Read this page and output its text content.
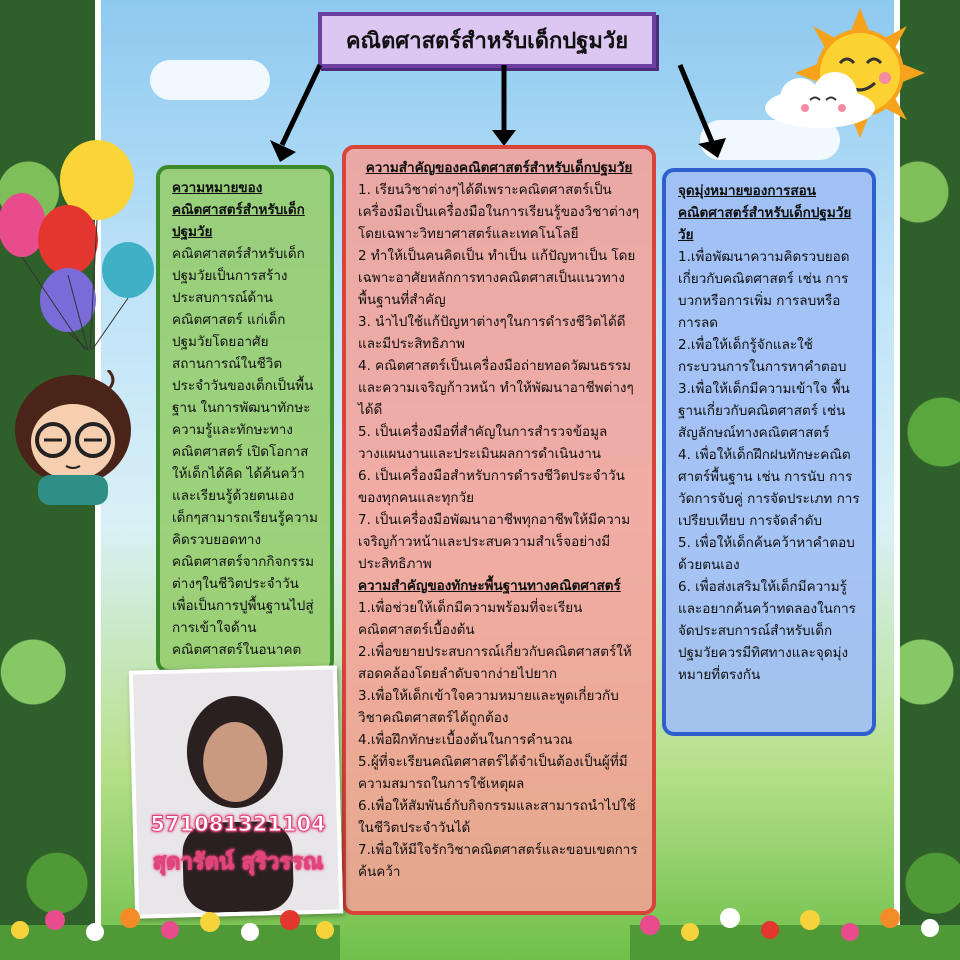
คณิตศาสตร์สำหรับเด็กปฐมวัย
ความหมายของคณิตศาสตร์สำหรับเด็กปฐมวัย
คณิตศาสตร์สำหรับเด็กปฐมวัยเป็นการสร้างประสบการณ์ด้านคณิตศาสตร์ แก่เด็กปฐมวัยโดยอาศัยสถานการณ์ในชีวิตประจำวันของเด็กเป็นพื้นฐาน ในการพัฒนาทักษะความรู้และทักษะทางคณิตศาสตร์ เปิดโอกาสให้เด็กได้คิด ได้ค้นคว้าและเรียนรู้ด้วยตนเอง เด็กๆสามารถเรียนรู้ความคิดรวบยอดทางคณิตศาสตร์จากกิจกรรมต่างๆในชีวิตประจำวันเพื่อเป็นการปูพื้นฐานไปสู่การเข้าใจด้าน คณิตศาสตร์ในอนาคต
ความสำคัญของคณิตศาสตร์สำหรับเด็กปฐมวัย
1. เรียนวิชาต่างๆได้ดีเพราะคณิตศาสตร์เป็นเครื่องมือเป็นเครื่องมือในการเรียนรู้ของวิชาต่างๆ โดยเฉพาะวิทยาศาสตร์และเทคโนโลยี
2 ทำให้เป็นคนคิดเป็น ทำเป็น แก้ปัญหาเป็น โดยเฉพาะอาศัยหลักการทางคณิตศาสเป็นแนวทางพื้นฐานที่สำคัญ
3. นำไปใช้แก้ปัญหาต่างๆในการดำรงชีวิตได้ดีและมีประสิทธิภาพ
4. คณิตศาสตร์เป็นเครื่องมือถ่ายทอดวัฒนธรรมและความเจริญก้าวหน้า ทำให้พัฒนาอาชีพต่างๆได้ดี
5. เป็นเครื่องมือที่สำคัญในการสำรวจข้อมูล วางแผนงานและประเมินผลการดำเนินงาน
6. เป็นเครื่องมือสำหรับการดำรงชีวิตประจำวันของทุกคนและทุกวัย
7. เป็นเครื่องมือพัฒนาอาชีพทุกอาชีพให้มีความเจริญก้าวหน้าและประสบความสำเร็จอย่างมีประสิทธิภาพ
ความสำคัญของทักษะพื้นฐานทางคณิตศาสตร์
1.เพื่อช่วยให้เด็กมีความพร้อมที่จะเรียนคณิตศาสตร์เบื้องต้น
2.เพื่อขยายประสบการณ์เกี่ยวกับคณิตศาสตร์ให้สอดคล้องโดยลำดับจากง่ายไปยาก
3.เพื่อให้เด็กเข้าใจความหมายและพูดเกี่ยวกับวิชาคณิตศาสตร์ได้ถูกต้อง
4.เพื่อฝึกทักษะเบื้องต้นในการคำนวณ
5.ผู้ที่จะเรียนคณิตศาสตร์ได้จำเป็นต้องเป็นผู้ที่มีความสมารถในการใช้เหตุผล
6.เพื่อให้สัมพันธ์กับกิจกรรมและสามารถนำไปใช้ในชีวิตประจำวันได้
7.เพื่อให้มีใจรักวิชาคณิตศาสตร์และขอบเขตการค้นคว้า
จุดมุ่งหมายของการสอนคณิตศาสตร์สำหรับเด็กปฐมวัยวัย
1.เพื่อพัฒนาความคิดรวบยอดเกี่ยวกับคณิตศาสตร์ เช่น การบวกหรือการเพิ่ม การลบหรือการลด
2.เพื่อให้เด็กรู้จักและใช้กระบวนการในการหาคำตอบ
3.เพื่อให้เด็กมีความเข้าใจ พื้นฐานเกี่ยวกับคณิตศาสตร์ เช่น สัญลักษณ์ทางคณิตศาสตร์
4. เพื่อให้เด็กฝึกฝนทักษะคณิตศาตร์พื้นฐาน เช่น การนับ การวัดการจับคู่ การจัดประเภท การเปรียบเทียบ การจัดลำดับ
5. เพื่อให้เด็กค้นคว้าหาคำตอบด้วยตนเอง
6. เพื่อส่งเสริมให้เด็กมีความรู้และอยากค้นคว้าทดลองในการจัดประสบการณ์สำหรับเด็กปฐมวัยควรมีทิศทางและจุดมุ่งหมายที่ตรงกัน
571081321104
สุดารัตน์ สุริวรรณ
